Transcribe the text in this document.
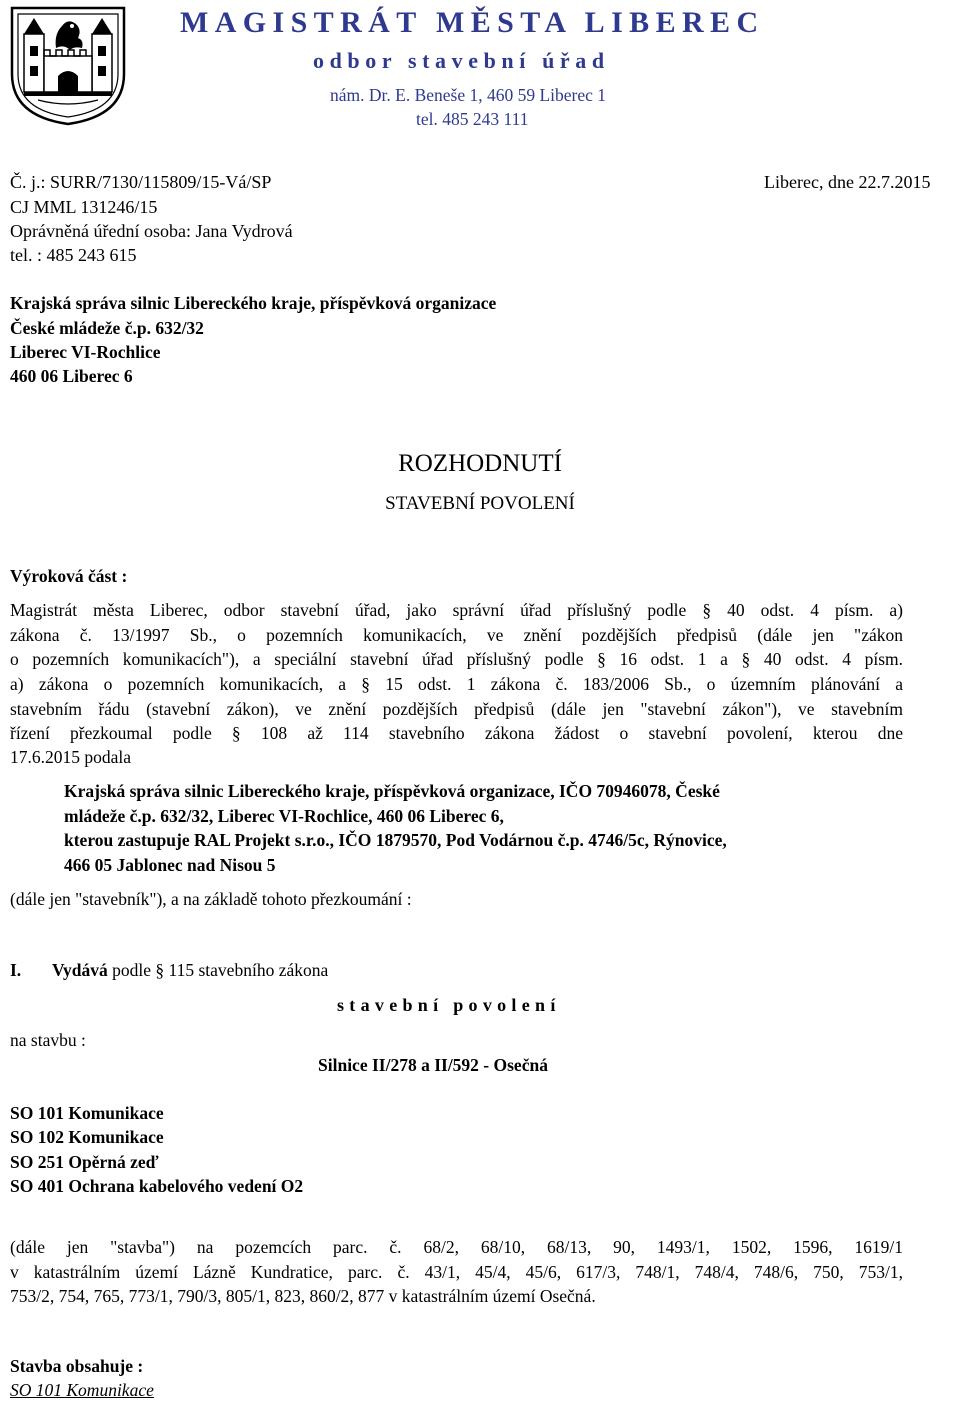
MAGISTRÁT MĚSTA LIBEREC
odbor stavební úřad
nám. Dr. E. Beneše 1, 460 59 Liberec 1
tel. 485 243 111
Č. j.: SURR/7130/115809/15-Vá/SP	Liberec, dne 22.7.2015
CJ MML 131246/15
Oprávněná úřední osoba: Jana Vydrová
tel. : 485 243 615
Krajská správa silnic Libereckého kraje, příspěvková organizace
České mládeže č.p. 632/32
Liberec VI-Rochlice
460 06 Liberec 6
ROZHODNUTÍ
STAVEBNÍ POVOLENÍ
Výroková část :
Magistrát města Liberec, odbor stavební úřad, jako správní úřad příslušný podle § 40 odst. 4 písm. a)
zákona č. 13/1997 Sb., o pozemních komunikacích, ve znění pozdějších předpisů (dále jen "zákon
o pozemních komunikacích"), a speciální stavební úřad příslušný podle § 16 odst. 1 a § 40 odst. 4 písm.
a) zákona o pozemních komunikacích, a § 15 odst. 1 zákona č. 183/2006 Sb., o územním plánování a
stavebním řádu (stavební zákon), ve znění pozdějších předpisů (dále jen "stavební zákon"), ve stavebním
řízení přezkoumal podle § 108 až 114 stavebního zákona žádost o stavební povolení, kterou dne
17.6.2015 podala
Krajská správa silnic Libereckého kraje, příspěvková organizace, IČO 70946078, České
mládeže č.p. 632/32, Liberec VI-Rochlice, 460 06 Liberec 6,
kterou zastupuje RAL Projekt s.r.o., IČO 1879570, Pod Vodárnou č.p. 4746/5c, Rýnovice,
466 05 Jablonec nad Nisou 5
(dále jen "stavebník"), a na základě tohoto přezkoumání :
I. Vydává podle § 115 stavebního zákona
stavební povolení
na stavbu :
Silnice II/278 a II/592 - Osečná
SO 101 Komunikace
SO 102 Komunikace
SO 251 Opěrná zeď
SO 401 Ochrana kabelového vedení O2
(dále jen "stavba") na pozemcích parc. č. 68/2, 68/10, 68/13, 90, 1493/1, 1502, 1596, 1619/1
v katastrálním území Lázně Kundratice, parc. č. 43/1, 45/4, 45/6, 617/3, 748/1, 748/4, 748/6, 750, 753/1,
753/2, 754, 765, 773/1, 790/3, 805/1, 823, 860/2, 877 v katastrálním území Osečná.
Stavba obsahuje :
SO 101 Komunikace
